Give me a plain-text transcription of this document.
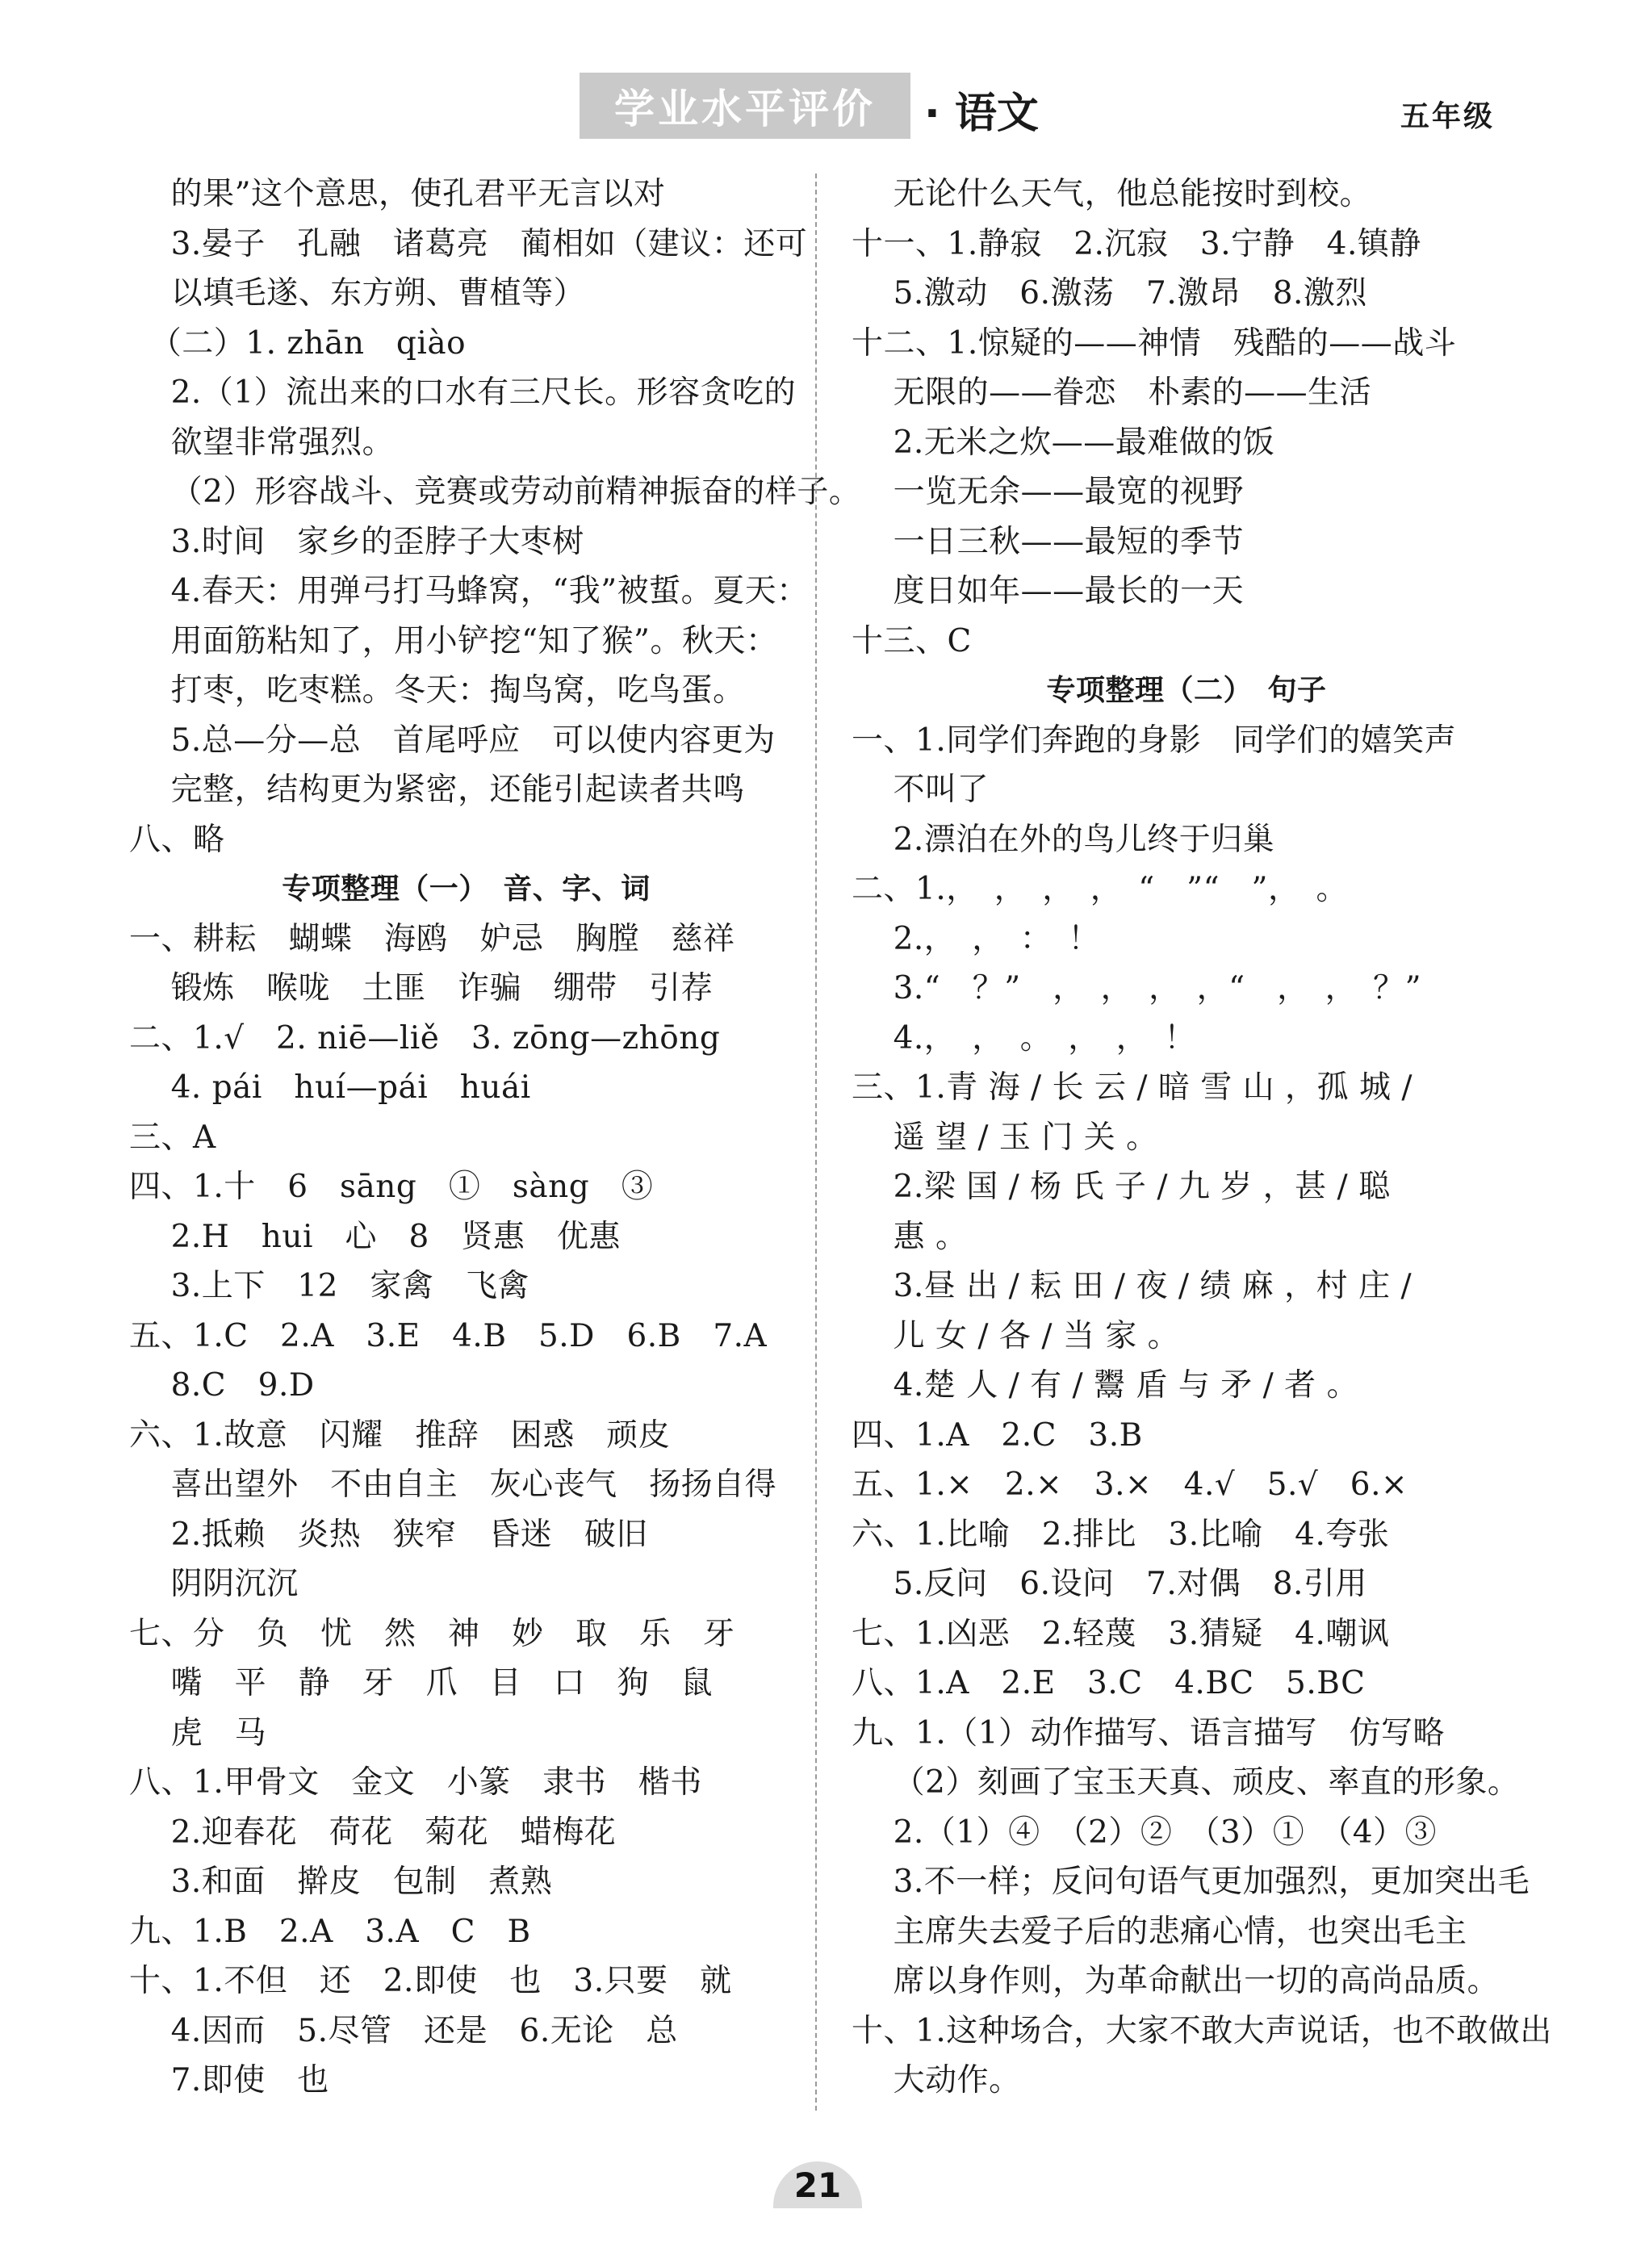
学业水平评价	· 语文	五年级
的果”这个意思，使孔君平无言以对
3.晏子　孔融　诸葛亮　蔺相如（建议：还可
以填毛遂、东方朔、曹植等）
（二）1. zhān　qiào
2.（1）流出来的口水有三尺长。形容贪吃的
欲望非常强烈。
（2）形容战斗、竞赛或劳动前精神振奋的样子。
3.时间　家乡的歪脖子大枣树
4.春天：用弹弓打马蜂窝，“我”被蜇。夏天：
用面筋粘知了，用小铲挖“知了猴”。秋天：
打枣，吃枣糕。冬天：掏鸟窝，吃鸟蛋。
5.总—分—总　首尾呼应　可以使内容更为
完整，结构更为紧密，还能引起读者共鸣
八、略
专项整理（一）　音、字、词
一、耕耘　蝴蝶　海鸥　妒忌　胸膛　慈祥
锻炼　喉咙　土匪　诈骗　绷带　引荐
二、1.√　2. niē—liě　3. zōng—zhōng
4. pái　huí—pái　huái
三、A
四、1.十　6　sāng　①　sàng　③
2.H　hui　心　8　贤惠　优惠
3.上下　12　家禽　飞禽
五、1.C　2.A　3.E　4.B　5.D　6.B　7.A
8.C　9.D
六、1.故意　闪耀　推辞　困惑　顽皮
喜出望外　不由自主　灰心丧气　扬扬自得
2.抵赖　炎热　狭窄　昏迷　破旧
阴阴沉沉
七、分　负　忧　然　神　妙　取　乐　牙
嘴　平　静　牙　爪　目　口　狗　鼠
虎　马
八、1.甲骨文　金文　小篆　隶书　楷书
2.迎春花　荷花　菊花　蜡梅花
3.和面　擀皮　包制　煮熟
九、1.B　2.A　3.A　C　B
十、1.不但　还　2.即使　也　3.只要　就
4.因而　5.尽管　还是　6.无论　总
7.即使　也
无论什么天气，他总能按时到校。
十一、1.静寂　2.沉寂　3.宁静　4.镇静
5.激动　6.激荡　7.激昂　8.激烈
十二、1.惊疑的——神情　残酷的——战斗
无限的——眷恋　朴素的——生活
2.无米之炊——最难做的饭
一览无余——最宽的视野
一日三秋——最短的季节
度日如年——最长的一天
十三、C
专项整理（二）　句子
一、1.同学们奔跑的身影　同学们的嬉笑声
不叫了
2.漂泊在外的鸟儿终于归巢
二、1.，　，　，　，　“　”“　”，　。
2.，　，　：　！
3.“　？”　，　，　，　，“　，　，　？”
4.，　，　。　，　，　！
三、1.青 海 / 长 云 / 暗 雪 山 ，孤 城 /
遥 望 / 玉 门 关 。
2.梁 国 / 杨 氏 子 / 九 岁 ，甚 / 聪
惠 。
3.昼 出 / 耘 田 / 夜 / 绩 麻 ，村 庄 /
儿 女 / 各 / 当 家 。
4.楚 人 / 有 / 鬻 盾 与 矛 / 者 。
四、1.A　2.C　3.B
五、1.×　2.×　3.×　4.√　5.√　6.×
六、1.比喻　2.排比　3.比喻　4.夸张
5.反问　6.设问　7.对偶　8.引用
七、1.凶恶　2.轻蔑　3.猜疑　4.嘲讽
八、1.A　2.E　3.C　4.BC　5.BC
九、1.（1）动作描写、语言描写　仿写略
（2）刻画了宝玉天真、顽皮、率直的形象。
2.（1）④　（2）②　（3）①　（4）③
3.不一样；反问句语气更加强烈，更加突出毛
主席失去爱子后的悲痛心情，也突出毛主
席以身作则，为革命献出一切的高尚品质。
十、1.这种场合，大家不敢大声说话，也不敢做出
大动作。
21
